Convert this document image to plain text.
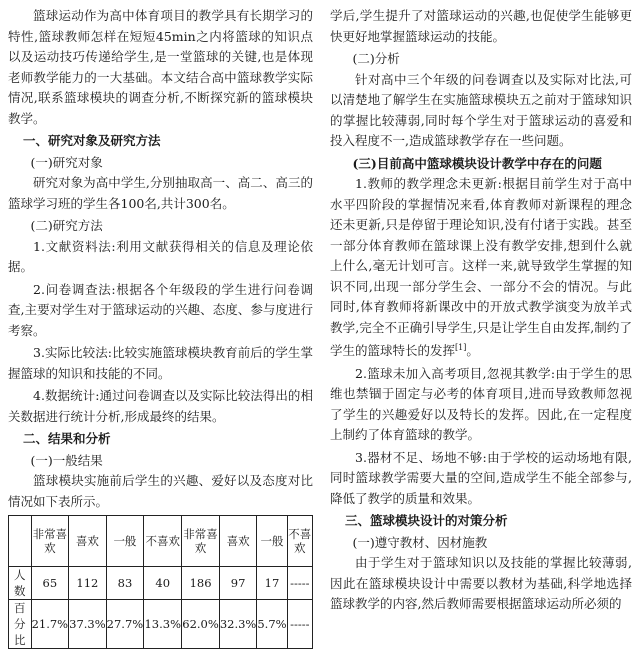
篮球运动作为高中体育项目的教学具有长期学习的特性,篮球教师怎样在短短45min之内将篮球的知识点以及运动技巧传递给学生,是一堂篮球的关键,也是体现老师教学能力的一大基础。本文结合高中篮球教学实际情况,联系篮球模块的调查分析,不断探究新的篮球模块教学。

一、研究对象及研究方法
(一)研究对象

研究对象为高中学生,分别抽取高一、高二、高三的篮球学习班的学生各100名,共计300名。

(二)研究方法

1.文献资料法:利用文献获得相关的信息及理论依据。

2.问卷调查法:根据各个年级段的学生进行问卷调查,主要对学生对于篮球运动的兴趣、态度、参与度进行考察。

3.实际比较法:比较实施篮球模块教育前后的学生掌握篮球的知识和技能的不同。

4.数据统计:通过问卷调查以及实际比较法得出的相关数据进行统计分析,形成最终的结果。

二、结果和分析
(一)一般结果

篮球模块实施前后学生的兴趣、爱好以及态度对比情况如下表所示。

	非常喜欢	喜欢	一般	不喜欢	非常喜欢	喜欢	一般	不喜欢
人数	65	112	83	40	186	97	17	-----
百分比	21.7%	37.3%	27.7%	13.3%	62.0%	32.3%	5.7%	-----

学后,学生提升了对篮球运动的兴趣,也促使学生能够更快更好地掌握篮球运动的技能。

(二)分析

针对高中三个年级的问卷调查以及实际对比法,可以清楚地了解学生在实施篮球模块五之前对于篮球知识的掌握比较薄弱,同时每个学生对于篮球运动的喜爱和投入程度不一,造成篮球教学存在一些问题。

(三)目前高中篮球模块设计教学中存在的问题

1.教师的教学理念未更新:根据目前学生对于高中水平四阶段的掌握情况来看,体育教师对新课程的理念还未更新,只是停留于理论知识,没有付诸于实践。甚至一部分体育教师在篮球课上没有教学安排,想到什么就上什么,毫无计划可言。这样一来,就导致学生掌握的知识不同,出现一部分学生会、一部分不会的情况。与此同时,体育教师将新课改中的开放式教学演变为放羊式教学,完全不正确引导学生,只是让学生自由发挥,制约了学生的篮球特长的发挥[1]。

2.篮球未加入高考项目,忽视其教学:由于学生的思维也禁锢于固定与必考的体育项目,进而导致教师忽视了学生的兴趣爱好以及特长的发挥。因此,在一定程度上制约了体育篮球的教学。

3.器材不足、场地不够:由于学校的运动场地有限,同时篮球教学需要大量的空间,造成学生不能全部参与,降低了教学的质量和效果。

三、篮球模块设计的对策分析
(一)遵守教材、因材施教

由于学生对于篮球知识以及技能的掌握比较薄弱,因此在篮球模块设计中需要以教材为基础,科学地选择篮球教学的内容,然后教师需要根据篮球运动所必须的
